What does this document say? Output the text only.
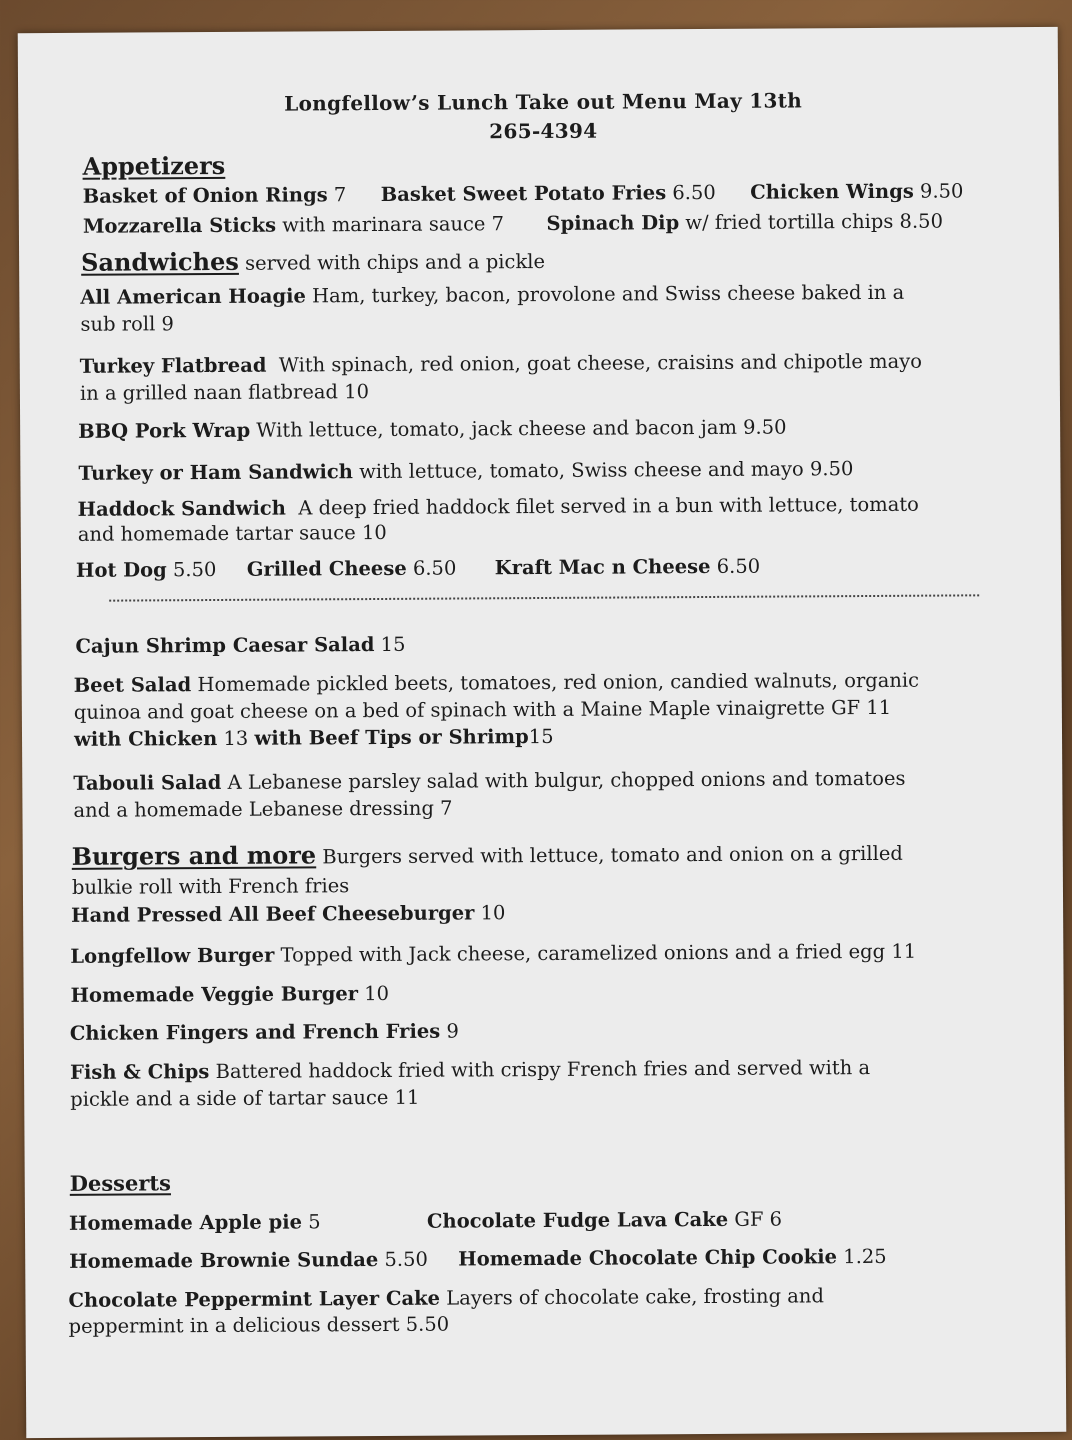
Longfellow’s Lunch Take out Menu May 13th
265-4394
Appetizers
Basket of Onion Rings 7 Basket Sweet Potato Fries 6.50 Chicken Wings 9.50
Mozzarella Sticks with marinara sauce 7 Spinach Dip w/ fried tortilla chips 8.50
Sandwiches served with chips and a pickle
All American Hoagie Ham, turkey, bacon, provolone and Swiss cheese baked in a
sub roll 9
Turkey Flatbread With spinach, red onion, goat cheese, craisins and chipotle mayo
in a grilled naan flatbread 10
BBQ Pork Wrap With lettuce, tomato, jack cheese and bacon jam 9.50
Turkey or Ham Sandwich with lettuce, tomato, Swiss cheese and mayo 9.50
Haddock Sandwich A deep fried haddock filet served in a bun with lettuce, tomato
and homemade tartar sauce 10
Hot Dog 5.50 Grilled Cheese 6.50 Kraft Mac n Cheese 6.50
Cajun Shrimp Caesar Salad 15
Beet Salad Homemade pickled beets, tomatoes, red onion, candied walnuts, organic
quinoa and goat cheese on a bed of spinach with a Maine Maple vinaigrette GF 11
with Chicken 13 with Beef Tips or Shrimp15
Tabouli Salad A Lebanese parsley salad with bulgur, chopped onions and tomatoes
and a homemade Lebanese dressing 7
Burgers and more Burgers served with lettuce, tomato and onion on a grilled
bulkie roll with French fries
Hand Pressed All Beef Cheeseburger 10
Longfellow Burger Topped with Jack cheese, caramelized onions and a fried egg 11
Homemade Veggie Burger 10
Chicken Fingers and French Fries 9
Fish & Chips Battered haddock fried with crispy French fries and served with a
pickle and a side of tartar sauce 11
Desserts
Homemade Apple pie 5	Chocolate Fudge Lava Cake GF 6
Homemade Brownie Sundae 5.50 Homemade Chocolate Chip Cookie 1.25
Chocolate Peppermint Layer Cake Layers of chocolate cake, frosting and
peppermint in a delicious dessert 5.50
